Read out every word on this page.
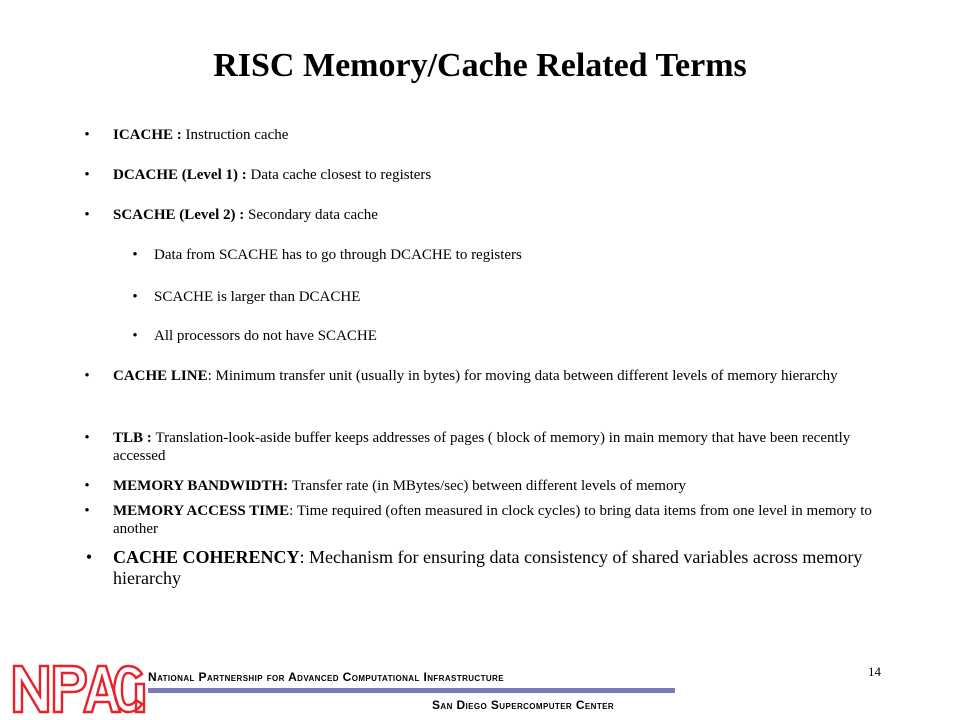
RISC Memory/Cache Related Terms
•	ICACHE : Instruction cache
•	DCACHE (Level 1) : Data cache closest to registers
•	SCACHE (Level 2) : Secondary data cache
•	Data from SCACHE has to go through DCACHE to registers
•	SCACHE is larger than DCACHE
•	All processors do not have SCACHE
•	CACHE LINE: Minimum transfer unit (usually in bytes) for moving data between different levels of memory hierarchy
•	TLB : Translation-look-aside buffer keeps addresses of pages ( block of memory) in main memory that have been recently accessed
•	MEMORY BANDWIDTH: Transfer rate (in MBytes/sec) between different levels of memory
•	MEMORY ACCESS TIME: Time required (often measured in clock cycles) to bring data items from one level in memory to another
•	CACHE COHERENCY: Mechanism for ensuring data consistency of shared variables across memory hierarchy
National Partnership for Advanced Computational Infrastructure
San Diego Supercomputer Center
14
